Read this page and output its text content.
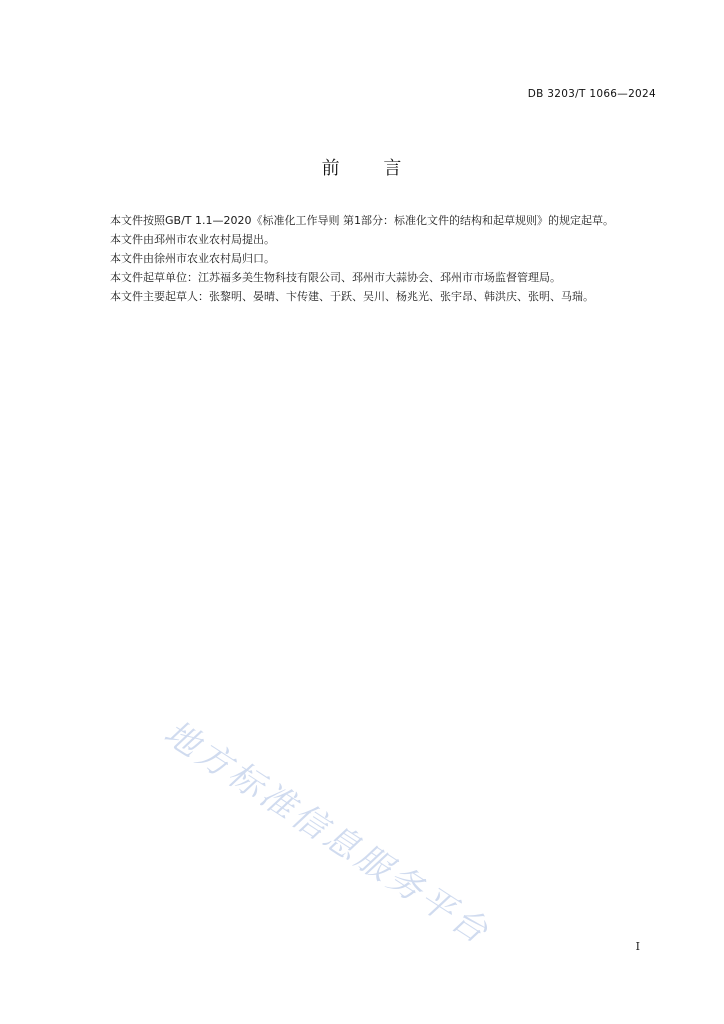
DB 3203/T 1066—2024
前 言

本文件按照GB/T 1.1—2020《标准化工作导则 第1部分：标准化文件的结构和起草规则》的规定起草。

本文件由邳州市农业农村局提出。

本文件由徐州市农业农村局归口。

本文件起草单位：江苏福多美生物科技有限公司、邳州市大蒜协会、邳州市市场监督管理局。

本文件主要起草人：张黎明、晏晴、卞传建、于跃、吴川、杨兆光、张宇昂、韩洪庆、张明、马瑞。

地方标准信息服务平台	I
